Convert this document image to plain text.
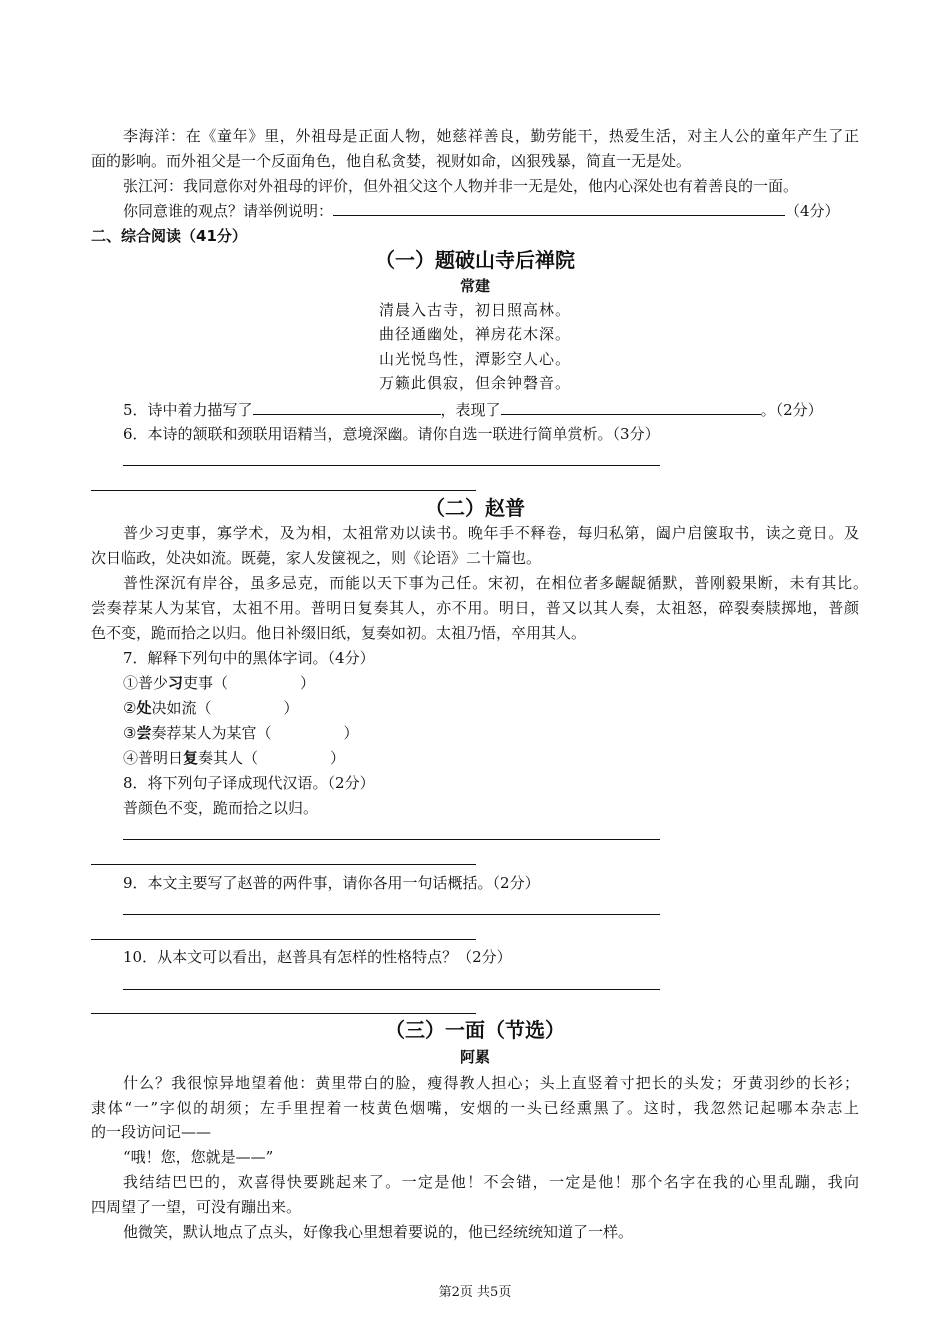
李海洋：在《童年》里，外祖母是正面人物，她慈祥善良，勤劳能干，热爱生活，对主人公的童年产生了正
面的影响。而外祖父是一个反面角色，他自私贪婪，视财如命，凶狠残暴，简直一无是处。
张江河：我同意你对外祖母的评价，但外祖父这个人物并非一无是处，他内心深处也有着善良的一面。
你同意谁的观点？请举例说明：	（4分）
二、综合阅读（41分）
（一）题破山寺后禅院
常建
清晨入古寺，初日照高林。
曲径通幽处，禅房花木深。
山光悦鸟性，潭影空人心。
万籁此俱寂，但余钟磬音。
5．诗中着力描写了	，表现了	。（2分）
6．本诗的颔联和颈联用语精当，意境深幽。请你自选一联进行简单赏析。（3分）
（二）赵普
普少习吏事，寡学术，及为相，太祖常劝以读书。晚年手不释卷，每归私第，阖户启箧取书，读之竟日。及
次日临政，处决如流。既薨，家人发箧视之，则《论语》二十篇也。
普性深沉有岸谷，虽多忌克，而能以天下事为己任。宋初，在相位者多龌龊循默，普刚毅果断，未有其比。
尝奏荐某人为某官，太祖不用。普明日复奏其人，亦不用。明日，普又以其人奏，太祖怒，碎裂奏牍掷地，普颜
色不变，跪而拾之以归。他日补缀旧纸，复奏如初。太祖乃悟，卒用其人。
7．解释下列句中的黑体字词。（4分）
①普少习吏事（	）
②处决如流（	）
③尝奏荐某人为某官（	）
④普明日复奏其人（	）
8．将下列句子译成现代汉语。（2分）
普颜色不变，跪而拾之以归。
9．本文主要写了赵普的两件事，请你各用一句话概括。（2分）
10．从本文可以看出，赵普具有怎样的性格特点？（2分）
（三）一面（节选）
阿累
什么？我很惊异地望着他：黄里带白的脸，瘦得教人担心；头上直竖着寸把长的头发；牙黄羽纱的长衫；
隶体“一”字似的胡须；左手里捏着一枝黄色烟嘴，安烟的一头已经熏黑了。这时，我忽然记起哪本杂志上
的一段访问记——
“哦！您，您就是——”
我结结巴巴的，欢喜得快要跳起来了。一定是他！不会错，一定是他！那个名字在我的心里乱蹦，我向
四周望了一望，可没有蹦出来。
他微笑，默认地点了点头，好像我心里想着要说的，他已经统统知道了一样。
第2页 共5页
